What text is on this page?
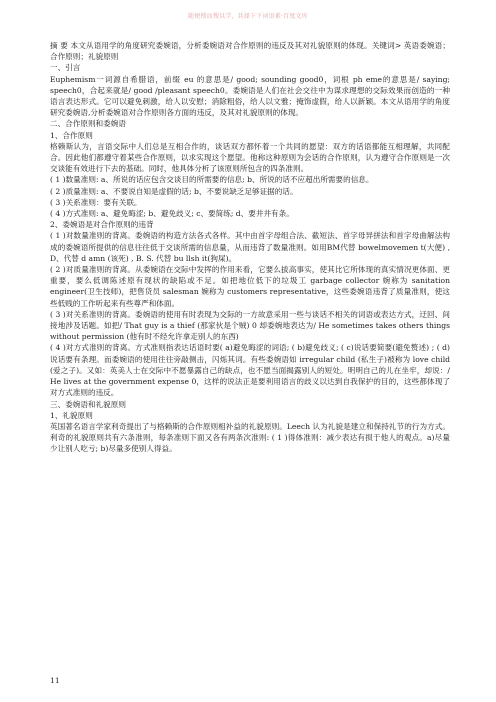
随便搜而搜以学，共择下下词语素·百度文库

摘 要 本文从语用学的角度研究委婉语，分析委婉语对合作原则的违反及其对礼貌原则的体现。关键词> 英语委婉语；合作原则；礼貌原则

一、引言

Euphemism一词源自希腊语，前缀 eu 的意思是/ good; sounding good0，词根 ph eme的意思是/ saying; speech0，合起来就是/ good /pleasant speech0。委婉语是人们在社会交往中为谋求理想的交际效果而创造的一种语言表达形式。它可以避免刺激，给人以安慰；消除粗俗，给人以文雅；掩饰虚假，给人以新颖。本文从语用学的角度研究委婉语,分析委婉语对合作原则各方面的违反，及其对礼貌原则的体现。

二、合作原则和委婉语

1、合作原则

格赖斯认为，言语交际中人们总是互相合作的，谈话双方都怀着一个共同的愿望：双方的话语都能互相理解，共同配合。因此他们都遵守着某些合作原则，以求实现这个愿望。他称这种原则为会话的合作原则，认为遵守合作原则是一次交谈能有效进行下去的基础。同时，他具体分析了该原则所包含的四条准则。

( 1 )数量准则: a、所说的话应包含交谈目的所需要的信息; b、所说的话不应超出所需要的信息。

( 2 )质量准则: a、不要说自知是虚假的话; b、不要说缺乏足够证据的话。

( 3 )关系准则：要有关联。

( 4 )方式准则: a、避免晦涩; b、避免歧义; c、要简练; d、要井井有条。

2、委婉语是对合作原则的违背

( 1 )对数量准则的背离。委婉语的构造方法各式各样。其中由首字母组合法、截短法、首字母异拼法和首字母曲解法构成的委婉语所提供的信息往往低于交谈所需的信息量，从而违背了数量准则。如用BM代替 bowelmovemen t(大便) , D、代替 d amn (该死) , B. S. 代替 bu llsh it(狗屎)。

( 2 )对质量准则的背离。从委婉语在交际中发挥的作用来看，它要么拔高事实，使其比它所体现的真实情况更体面、更重要，要么低调陈述原有现状的缺陷或不足。如把地位低下的垃圾工 garbage collector 婉称为 sanitation engineer(卫生技师)，把售货员 salesman 婉称为 customers representative，这些委婉语违背了质量准则，使这些低贱的工作听起来有些尊严和体面。

( 3 )对关系准则的背离。委婉语的使用有时表现为交际的一方故意采用一些与谈话不相关的词语或表达方式，迂回、间接地涉及话题。如把/ That guy is a thief (那家伙是个贼) 0 却委婉地表达为/ He sometimes takes others things without permission (他有时不经允许拿走别人的东西)

( 4 )对方式准则的背离。方式准则指表达话语时要( a)避免晦涩的词语; ( b)避免歧义; ( c)说话要简要(避免赘述) ; ( d)说话要有条理。而委婉语的使用往往旁敲侧击，闪烁其词。有些委婉语如 irregular child (私生子)被称为 love child (爱之子)。又如：英美人士在交际中不愿暴露自己的缺点，也不愿当面揭露别人的短处。明明自己的儿在坐牢，却说：/ He lives at the government expense 0，这样的说法正是要利用语言的歧义以达到自我保护的目的，这些都体现了对方式准则的违反。

三、委婉语和礼貌原则

1、礼貌原则

英国著名语言学家利奇提出了与格赖斯的合作原则相补益的礼貌原则。Leech 认为礼貌是建立和保持礼节的行为方式。利奇的礼貌原则共有六条准则，每条准则下面又各有两条次准则: ( 1 )得体准则：减少表达有损于他人的观点。a)尽量少让别人吃亏; b)尽量多使别人得益。

11
